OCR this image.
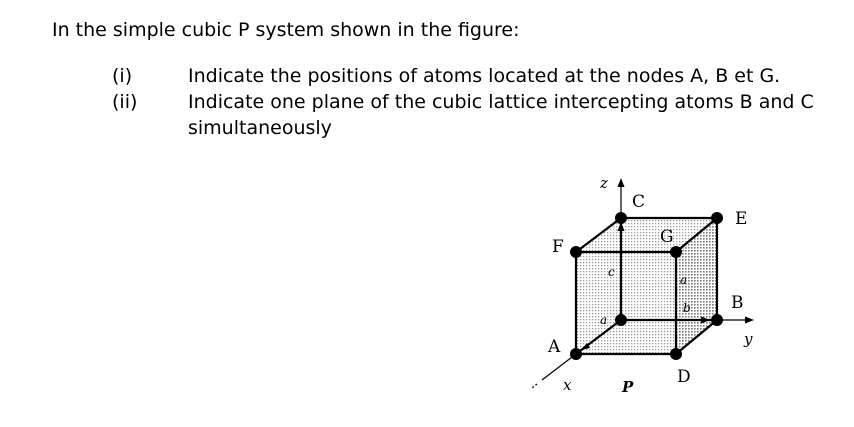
In the simple cubic P system shown in the figure:
(i)	Indicate the positions of atoms located at the nodes A, B et G.
(ii)	Indicate one plane of the cubic lattice intercepting atoms B and C
simultaneously
C
E
G
F
B
A
D
z
y
x
c
a
b
a
P
